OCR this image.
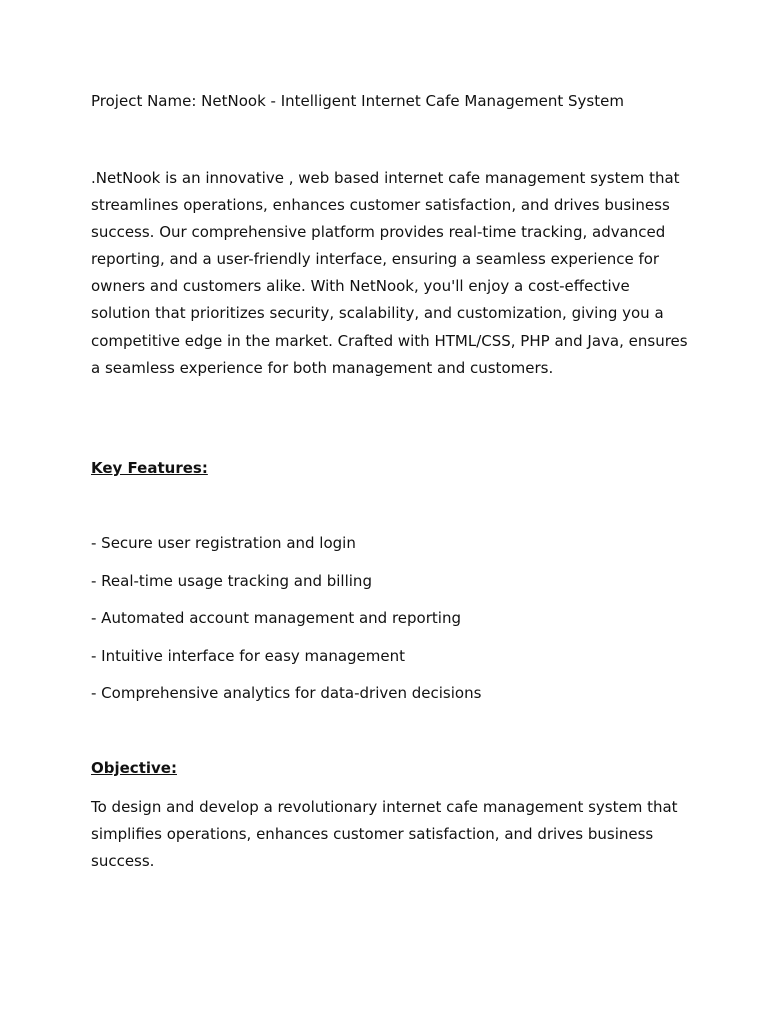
Project Name: NetNook - Intelligent Internet Cafe Management System

.NetNook is an innovative , web based internet cafe management system that streamlines operations, enhances customer satisfaction, and drives business success. Our comprehensive platform provides real-time tracking, advanced reporting, and a user-friendly interface, ensuring a seamless experience for owners and customers alike. With NetNook, you'll enjoy a cost-effective solution that prioritizes security, scalability, and customization, giving you a competitive edge in the market. Crafted with HTML/CSS, PHP and Java, ensures a seamless experience for both management and customers.

Key Features:

- Secure user registration and login
- Real-time usage tracking and billing
- Automated account management and reporting
- Intuitive interface for easy management
- Comprehensive analytics for data-driven decisions

Objective:

To design and develop a revolutionary internet cafe management system that simplifies operations, enhances customer satisfaction, and drives business success.
